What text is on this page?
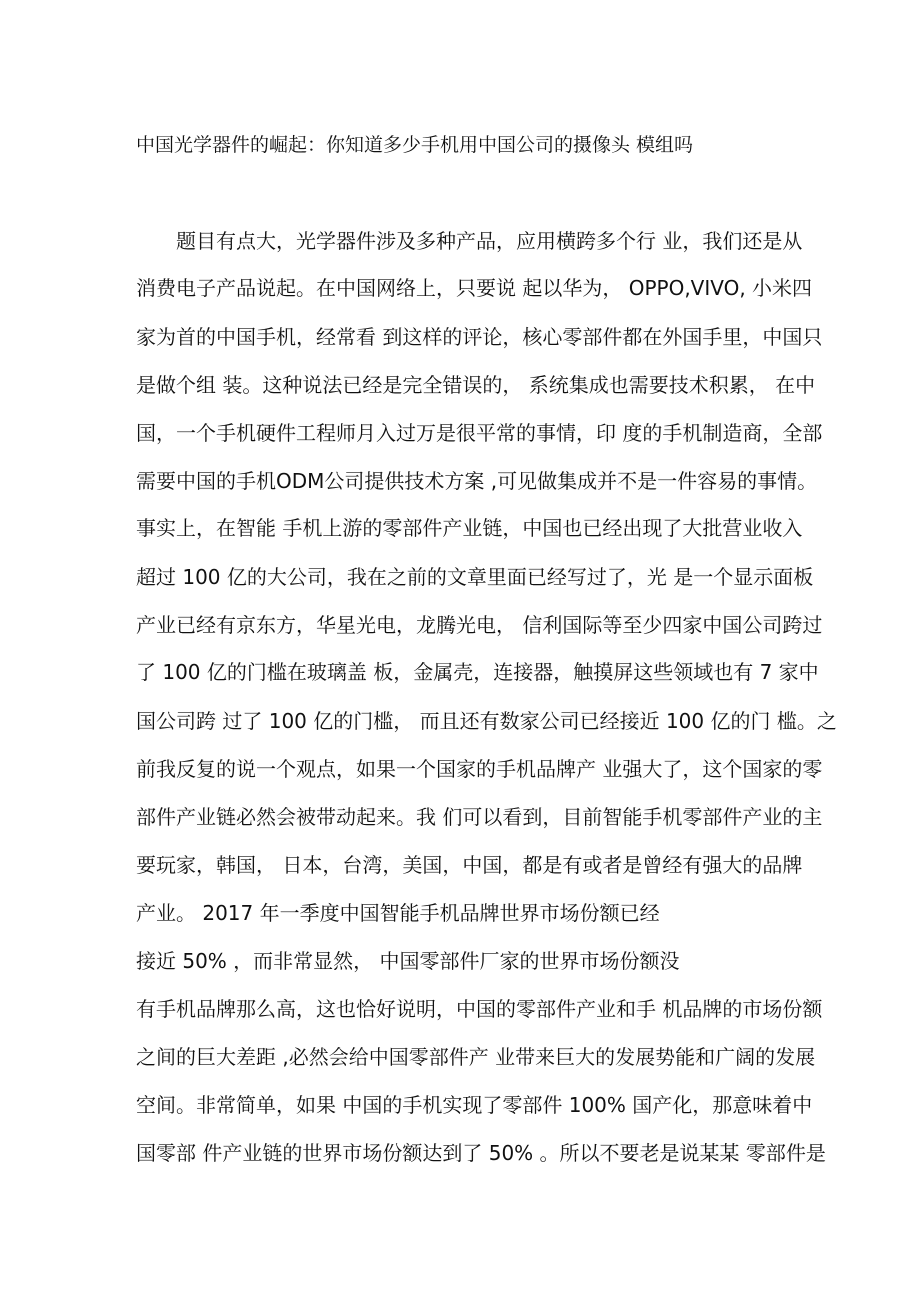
中国光学器件的崛起：你知道多少手机用中国公司的摄像头 模组吗
　　题目有点大，光学器件涉及多种产品，应用横跨多个行 业，我们还是从
消费电子产品说起。在中国网络上，只要说 起以华为， OPPO,VIVO, 小米四
家为首的中国手机，经常看 到这样的评论，核心零部件都在外国手里，中国只
是做个组 装。这种说法已经是完全错误的， 系统集成也需要技术积累， 在中
国，一个手机硬件工程师月入过万是很平常的事情，印 度的手机制造商，全部
需要中国的手机ODM公司提供技术方案 ,可见做集成并不是一件容易的事情。
事实上，在智能 手机上游的零部件产业链，中国也已经出现了大批营业收入
超过 100 亿的大公司，我在之前的文章里面已经写过了，光 是一个显示面板
产业已经有京东方，华星光电，龙腾光电， 信利国际等至少四家中国公司跨过
了 100 亿的门槛在玻璃盖 板，金属壳，连接器，触摸屏这些领域也有 7 家中
国公司跨 过了 100 亿的门槛， 而且还有数家公司已经接近 100 亿的门 槛。之
前我反复的说一个观点，如果一个国家的手机品牌产 业强大了，这个国家的零
部件产业链必然会被带动起来。我 们可以看到，目前智能手机零部件产业的主
要玩家，韩国， 日本，台湾，美国，中国，都是有或者是曾经有强大的品牌
产业。 2017 年一季度中国智能手机品牌世界市场份额已经
接近 50% ，而非常显然， 中国零部件厂家的世界市场份额没
有手机品牌那么高，这也恰好说明，中国的零部件产业和手 机品牌的市场份额
之间的巨大差距 ,必然会给中国零部件产 业带来巨大的发展势能和广阔的发展
空间。非常简单，如果 中国的手机实现了零部件 100% 国产化，那意味着中
国零部 件产业链的世界市场份额达到了 50% 。所以不要老是说某某 零部件是
